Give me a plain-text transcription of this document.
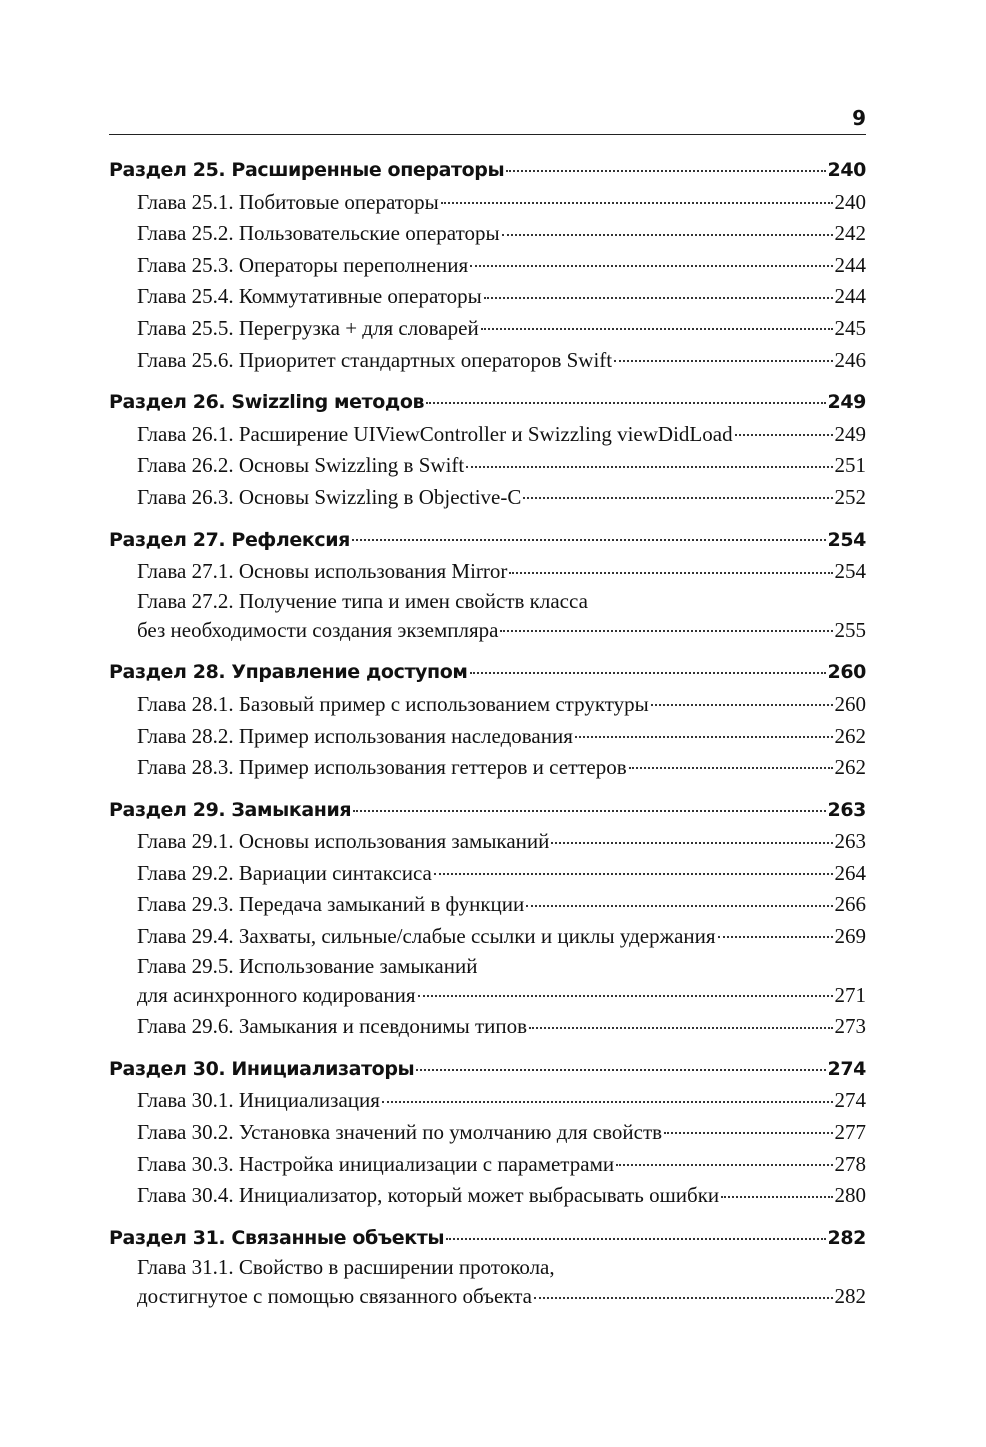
9
Раздел 25. Расширенные операторы	240
Глава 25.1. Побитовые операторы	240
Глава 25.2. Пользовательские операторы	242
Глава 25.3. Операторы переполнения	244
Глава 25.4. Коммутативные операторы	244
Глава 25.5. Перегрузка + для словарей	245
Глава 25.6. Приоритет стандартных операторов Swift	246
Раздел 26. Swizzling методов	249
Глава 26.1. Расширение UIViewController и Swizzling viewDidLoad	249
Глава 26.2. Основы Swizzling в Swift	251
Глава 26.3. Основы Swizzling в Objective-C	252
Раздел 27. Рефлексия	254
Глава 27.1. Основы использования Mirror	254
Глава 27.2. Получение типа и имен свойств класса
без необходимости создания экземпляра	255
Раздел 28. Управление доступом	260
Глава 28.1. Базовый пример с использованием структуры	260
Глава 28.2. Пример использования наследования	262
Глава 28.3. Пример использования геттеров и сеттеров	262
Раздел 29. Замыкания	263
Глава 29.1. Основы использования замыканий	263
Глава 29.2. Вариации синтаксиса	264
Глава 29.3. Передача замыканий в функции	266
Глава 29.4. Захваты, сильные/слабые ссылки и циклы удержания	269
Глава 29.5. Использование замыканий
для асинхронного кодирования	271
Глава 29.6. Замыкания и псевдонимы типов	273
Раздел 30. Инициализаторы	274
Глава 30.1. Инициализация	274
Глава 30.2. Установка значений по умолчанию для свойств	277
Глава 30.3. Настройка инициализации с параметрами	278
Глава 30.4. Инициализатор, который может выбрасывать ошибки	280
Раздел 31. Связанные объекты	282
Глава 31.1. Свойство в расширении протокола,
достигнутое с помощью связанного объекта	282
